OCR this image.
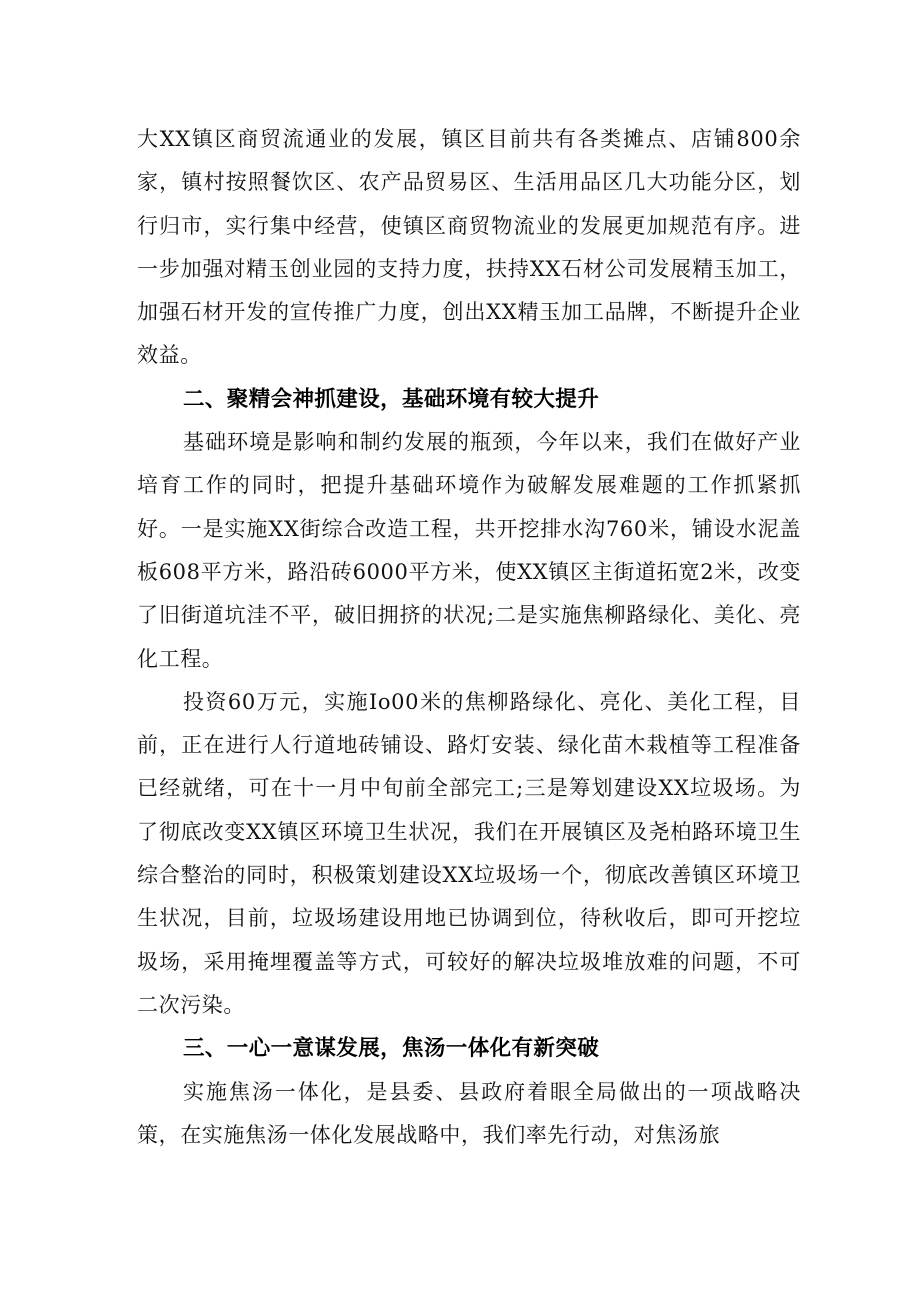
大XX镇区商贸流通业的发展，镇区目前共有各类摊点、店铺800余家，镇村按照餐饮区、农产品贸易区、生活用品区几大功能分区，划行归市，实行集中经营，使镇区商贸物流业的发展更加规范有序。进一步加强对精玉创业园的支持力度，扶持XX石材公司发展精玉加工，加强石材开发的宣传推广力度，创出XX精玉加工品牌，不断提升企业效益。

二、聚精会神抓建设，基础环境有较大提升

基础环境是影响和制约发展的瓶颈，今年以来，我们在做好产业培育工作的同时，把提升基础环境作为破解发展难题的工作抓紧抓好。一是实施XX街综合改造工程，共开挖排水沟760米，铺设水泥盖板608平方米，路沿砖6000平方米，使XX镇区主街道拓宽2米，改变了旧街道坑洼不平，破旧拥挤的状况;二是实施焦柳路绿化、美化、亮化工程。

投资60万元，实施Io00米的焦柳路绿化、亮化、美化工程，目前，正在进行人行道地砖铺设、路灯安装、绿化苗木栽植等工程准备已经就绪，可在十一月中旬前全部完工;三是筹划建设XX垃圾场。为了彻底改变XX镇区环境卫生状况，我们在开展镇区及尧柏路环境卫生综合整治的同时，积极策划建设XX垃圾场一个，彻底改善镇区环境卫生状况，目前，垃圾场建设用地已协调到位，待秋收后，即可开挖垃圾场，采用掩埋覆盖等方式，可较好的解决垃圾堆放难的问题，不可二次污染。

三、一心一意谋发展，焦汤一体化有新突破

实施焦汤一体化，是县委、县政府着眼全局做出的一项战略决策，在实施焦汤一体化发展战略中，我们率先行动，对焦汤旅
